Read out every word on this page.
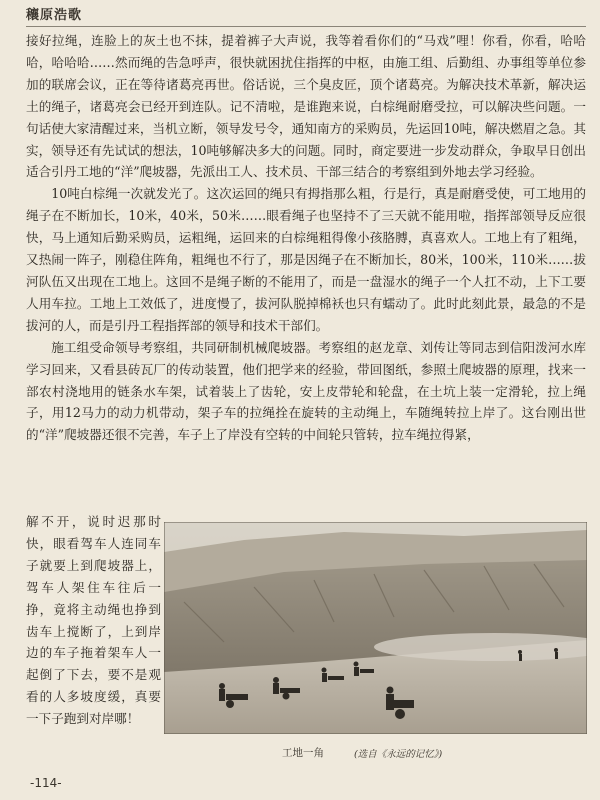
穰原浩歌

接好拉绳，连脸上的灰土也不抹，提着裤子大声说，我等着看你们的“马戏”哩！你看，你看，哈哈哈，哈哈哈……然而绳的告急呼声，很快就困扰住指挥的中枢，由施工组、后勤组、办事组等单位参加的联席会议，正在等待诸葛亮再世。俗话说，三个臭皮匠，顶个诸葛亮。为解决技术革新，解决运土的绳子，诸葛亮会已经开到连队。记不清啦，是谁跑来说，白棕绳耐磨受拉，可以解决些问题。一句话使大家清醒过来，当机立断，领导发号令，通知南方的采购员，先运回10吨，解决燃眉之急。其实，领导还有先试试的想法，10吨够解决多大的问题。同时，商定要进一步发动群众，争取早日创出适合引丹工地的“洋”爬坡器，先派出工人、技术员、干部三结合的考察组到外地去学习经验。

10吨白棕绳一次就发光了。这次运回的绳只有拇指那么粗，行是行，真是耐磨受使，可工地用的绳子在不断加长，10米，40米，50米……眼看绳子也坚持不了三天就不能用啦，指挥部领导反应很快，马上通知后勤采购员，运粗绳，运回来的白棕绳粗得像小孩胳膊，真喜欢人。工地上有了粗绳，又热闹一阵子，刚稳住阵角，粗绳也不行了，那是因绳子在不断加长，80米，100米，110米……拔河队伍又出现在工地上。这回不是绳子断的不能用了，而是一盘湿水的绳子一个人扛不动，上下工要人用车拉。工地上工效低了，进度慢了，拔河队脱掉棉袄也只有蠕动了。此时此刻此景，最急的不是拔河的人，而是引丹工程指挥部的领导和技术干部们。

施工组受命领导考察组，共同研制机械爬坡器。考察组的赵龙章、刘传让等同志到信阳泼河水库学习回来，又看县砖瓦厂的传动装置，他们把学来的经验，带回图纸，参照土爬坡器的原理，找来一部农村浇地用的链条水车架，试着装上了齿轮，安上皮带轮和轮盘，在土坑上装一定滑轮，拉上绳子，用12马力的动力机带动，架子车的拉绳拴在旋转的主动绳上，车随绳转拉上岸了。这台刚出世的“洋”爬坡器还很不完善，车子上了岸没有空转的中间轮只管转，拉车绳拉得紧，

解不开，说时迟那时快，眼看驾车人连同车子就要上到爬坡器上，驾车人架住车往后一挣，竟将主动绳也挣到齿车上搅断了，上到岸边的车子拖着架车人一起倒了下去，要不是观看的人多坡度缓，真要一下子跑到对岸哪！
工地一角	(选自《永远的记忆》)
-114-
